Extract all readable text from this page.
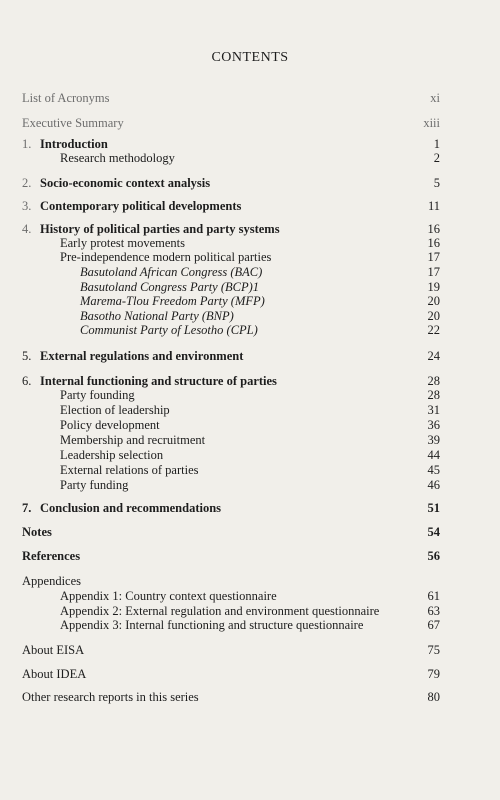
CONTENTS
List of Acronyms	xi
Executive Summary	xiii
1. Introduction	1
Research methodology	2
2. Socio-economic context analysis	5
3. Contemporary political developments	11
4. History of political parties and party systems	16
Early protest movements	16
Pre-independence modern political parties	17
Basutoland African Congress (BAC)	17
Basutoland Congress Party (BCP)1	19
Marema-Tlou Freedom Party (MFP)	20
Basotho National Party (BNP)	20
Communist Party of Lesotho (CPL)	22
5. External regulations and environment	24
6. Internal functioning and structure of parties	28
Party founding	28
Election of leadership	31
Policy development	36
Membership and recruitment	39
Leadership selection	44
External relations of parties	45
Party funding	46
7. Conclusion and recommendations	51
Notes	54
References	56
Appendices
Appendix 1: Country context questionnaire	61
Appendix 2: External regulation and environment questionnaire	63
Appendix 3: Internal functioning and structure questionnaire	67
About EISA	75
About IDEA	79
Other research reports in this series	80
